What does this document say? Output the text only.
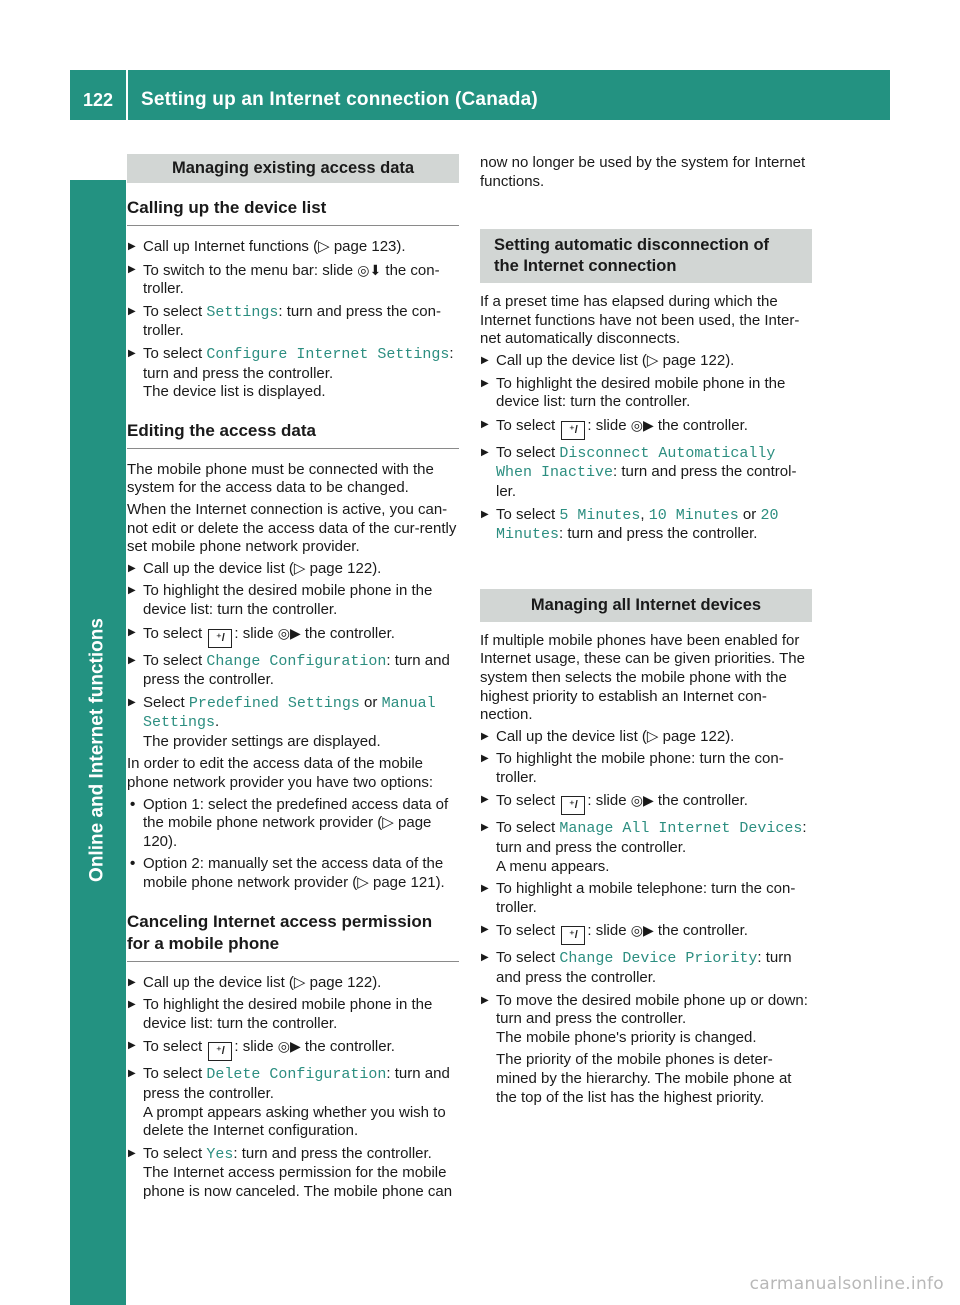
122	Setting up an Internet connection (Canada)
Online and Internet functions
Managing existing access data
Calling up the device list
▶ Call up Internet functions (▷ page 123).
▶ To switch to the menu bar: slide ◎⬇ the con-troller.
▶ To select Settings: turn and press the con-troller.
▶ To select Configure Internet Settings:
turn and press the controller.
The device list is displayed.
Editing the access data

The mobile phone must be connected with the system for the access data to be changed.

When the Internet connection is active, you can-not edit or delete the access data of the cur-rently set mobile phone network provider.

▶ Call up the device list (▷ page 122).
▶ To highlight the desired mobile phone in the device list: turn the controller.
▶ To select ⁺/ : slide ◎▶ the controller.
▶ To select Change Configuration: turn and press the controller.
▶ Select Predefined Settings or Manual
Settings.
The provider settings are displayed.

In order to edit the access data of the mobile phone network provider you have two options:

• Option 1: select the predefined access data of the mobile phone network provider (▷ page 120).
• Option 2: manually set the access data of the mobile phone network provider (▷ page 121).
Canceling Internet access permission for a mobile phone
▶ Call up the device list (▷ page 122).
▶ To highlight the desired mobile phone in the device list: turn the controller.
▶ To select ⁺/ : slide ◎▶ the controller.
▶ To select Delete Configuration: turn and press the controller.
A prompt appears asking whether you wish to delete the Internet configuration.
▶ To select Yes: turn and press the controller.
The Internet access permission for the mobile phone is now canceled. The mobile phone can

now no longer be used by the system for Internet functions.

Setting automatic disconnection of the Internet connection

If a preset time has elapsed during which the Internet functions have not been used, the Inter-net automatically disconnects.

▶ Call up the device list (▷ page 122).
▶ To highlight the desired mobile phone in the device list: turn the controller.
▶ To select ⁺/ : slide ◎▶ the controller.
▶ To select Disconnect Automatically
When Inactive: turn and press the control-ler.
▶ To select 5 Minutes, 10 Minutes or 20
Minutes: turn and press the controller.
Managing all Internet devices

If multiple mobile phones have been enabled for Internet usage, these can be given priorities. The system then selects the mobile phone with the highest priority to establish an Internet con-nection.

▶ Call up the device list (▷ page 122).
▶ To highlight the mobile phone: turn the con-troller.
▶ To select ⁺/ : slide ◎▶ the controller.
▶ To select Manage All Internet Devices:
turn and press the controller.
A menu appears.
▶ To highlight a mobile telephone: turn the con-troller.
▶ To select ⁺/ : slide ◎▶ the controller.
▶ To select Change Device Priority: turn and press the controller.
▶ To move the desired mobile phone up or down: turn and press the controller.
The mobile phone's priority is changed.

The priority of the mobile phones is deter-mined by the hierarchy. The mobile phone at the top of the list has the highest priority.

carmanualsonline.info
